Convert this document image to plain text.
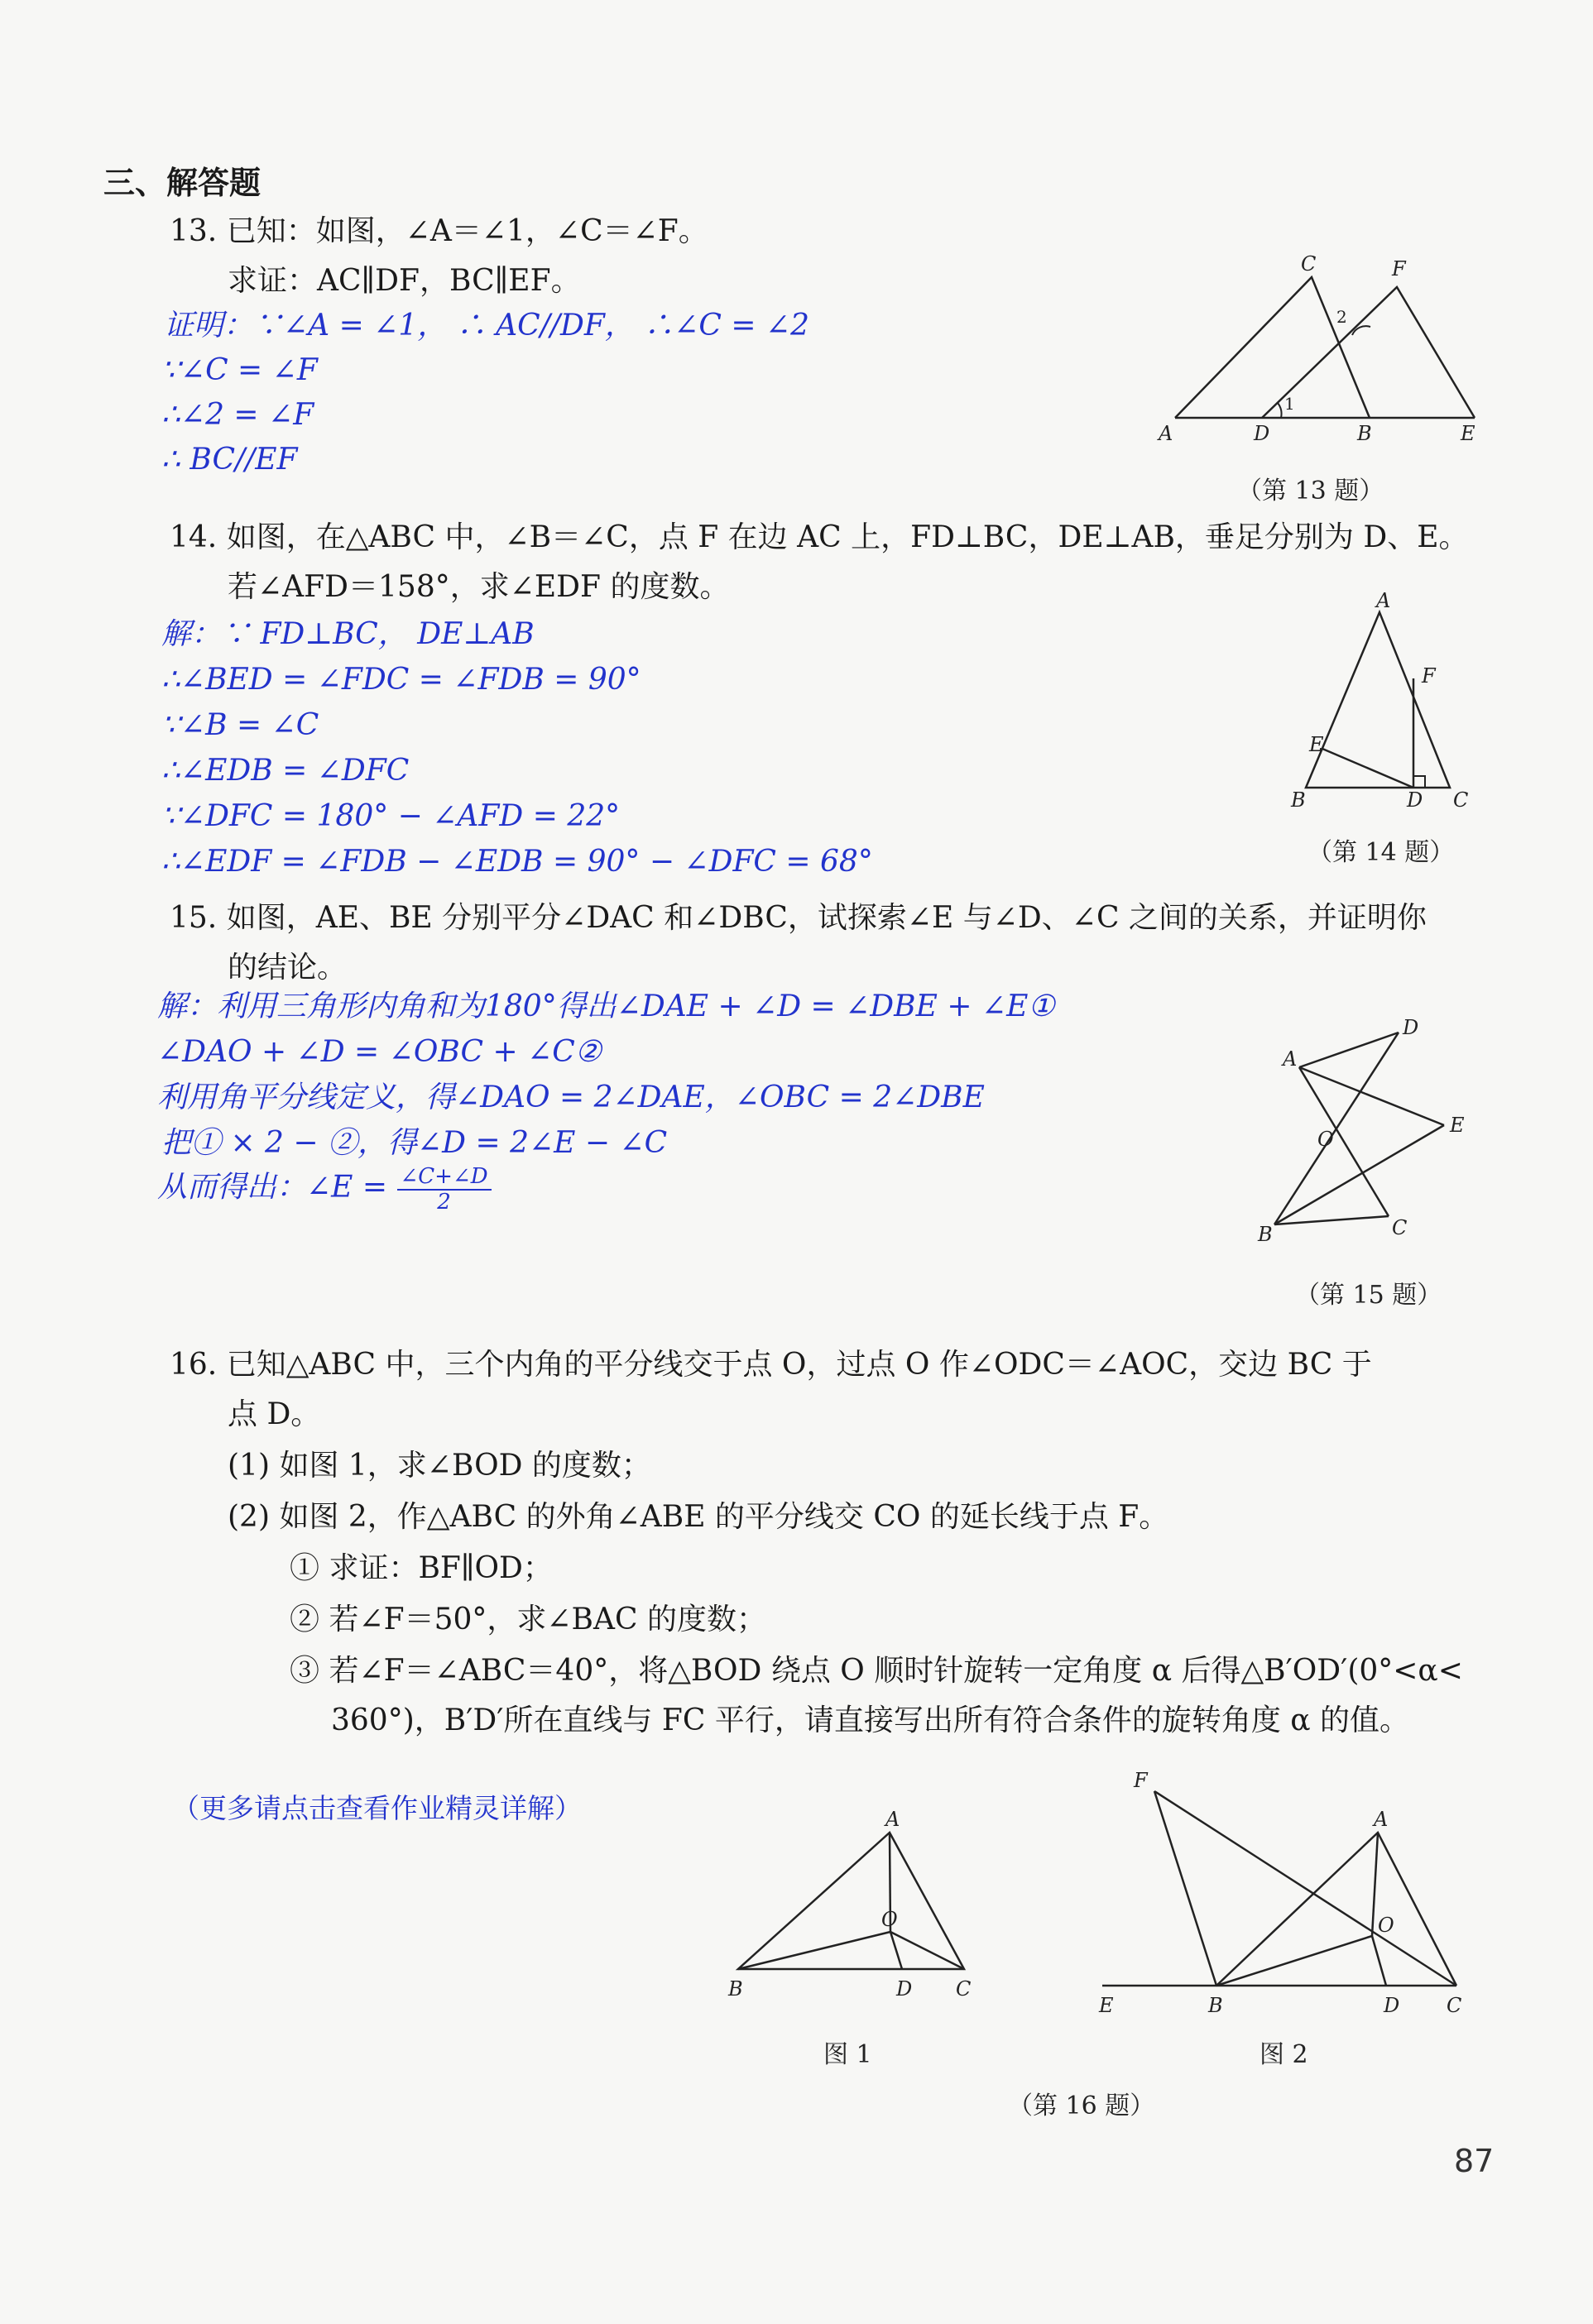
三、解答题
13. 已知：如图，∠A＝∠1，∠C＝∠F。
求证：AC∥DF，BC∥EF。
证明：∵∠A = ∠1， ∴ AC//DF， ∴∠C = ∠2
∵∠C = ∠F
∴∠2 = ∠F
∴ BC//EF
A	D	B	E
C	F
1
2
（第 13 题）
14. 如图，在△ABC 中，∠B＝∠C，点 F 在边 AC 上，FD⊥BC，DE⊥AB，垂足分别为 D、E。
若∠AFD＝158°，求∠EDF 的度数。
解：∵ FD⊥BC， DE⊥AB
∴∠BED = ∠FDC = ∠FDB = 90°
∵∠B = ∠C
∴∠EDB = ∠DFC
∵∠DFC = 180° − ∠AFD = 22°
∴∠EDF = ∠FDB − ∠EDB = 90° − ∠DFC = 68°
A
F
E
B	D C
（第 14 题）
15. 如图，AE、BE 分别平分∠DAC 和∠DBC，试探索∠E 与∠D、∠C 之间的关系，并证明你
的结论。
解：利用三角形内角和为180°得出∠DAE + ∠D = ∠DBE + ∠E①
∠DAO + ∠D = ∠OBC + ∠C②
利用角平分线定义，得∠DAO = 2∠DAE，∠OBC = 2∠DBE
把① × 2 − ②，得∠D = 2∠E − ∠C
从而得出：∠E = $\frac{\angle C+\angle D}{2}$
A
D
O
E
B	C
（第 15 题）
16. 已知△ABC 中，三个内角的平分线交于点 O，过点 O 作∠ODC＝∠AOC，交边 BC 于
点 D。
(1) 如图 1，求∠BOD 的度数；
(2) 如图 2，作△ABC 的外角∠ABE 的平分线交 CO 的延长线于点 F。
① 求证：BF∥OD；
② 若∠F＝50°，求∠BAC 的度数；
③ 若∠F＝∠ABC＝40°，将△BOD 绕点 O 顺时针旋转一定角度 α 后得△B′OD′(0°<α<
360°)，B′D′所在直线与 FC 平行，请直接写出所有符合条件的旋转角度 α 的值。
（更多请点击查看作业精灵详解）	A
O
B	D C
图 1
F
A
O
E	B	D C
图 2
（第 16 题）
87
